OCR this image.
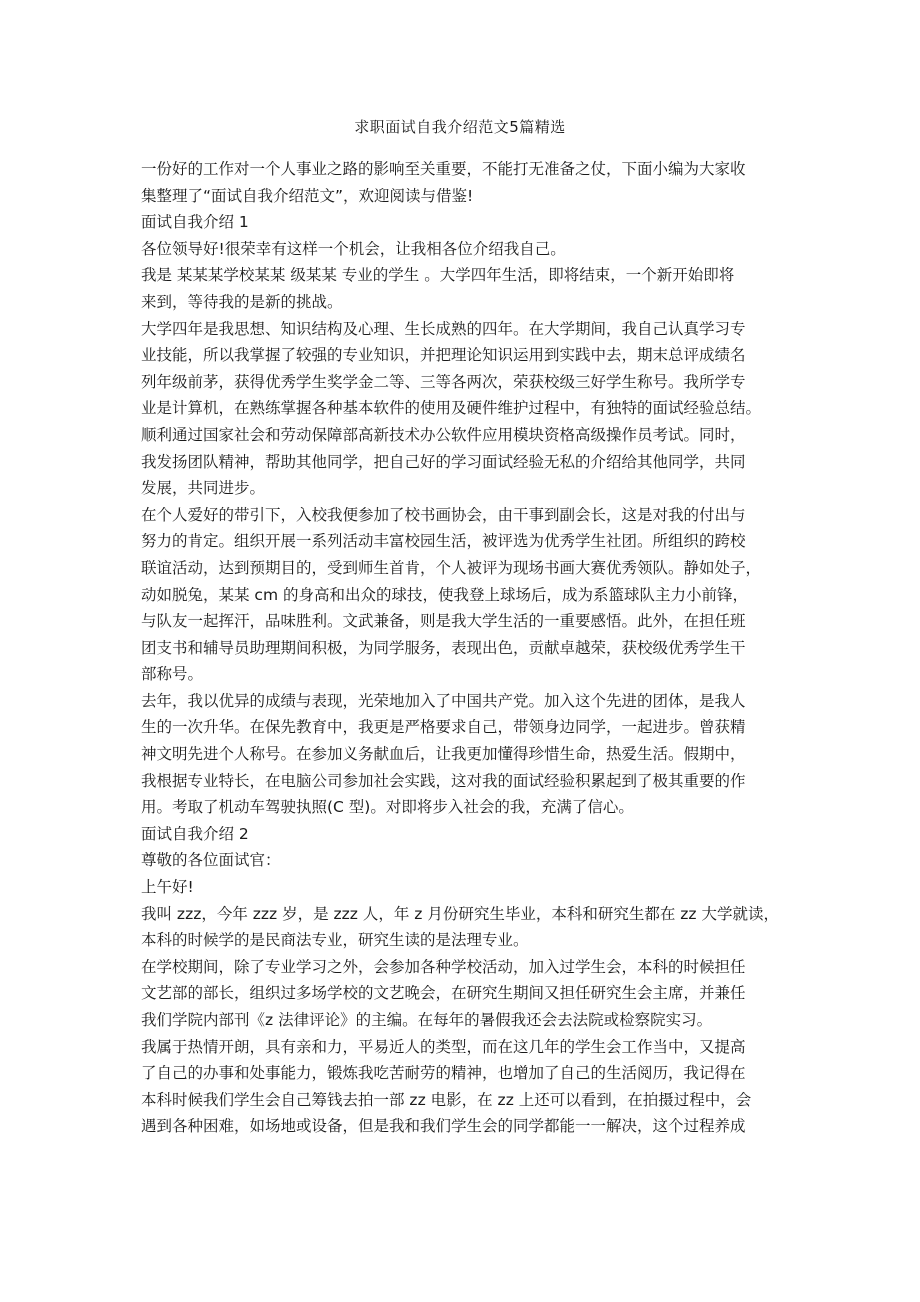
求职面试自我介绍范文5篇精选
一份好的工作对一个人事业之路的影响至关重要，不能打无准备之仗，下面小编为大家收
集整理了“面试自我介绍范文”，欢迎阅读与借鉴!
面试自我介绍 1
各位领导好!很荣幸有这样一个机会，让我相各位介绍我自己。
我是 某某某学校某某 级某某 专业的学生 。大学四年生活，即将结束，一个新开始即将
来到，等待我的是新的挑战。
大学四年是我思想、知识结构及心理、生长成熟的四年。在大学期间，我自己认真学习专
业技能，所以我掌握了较强的专业知识，并把理论知识运用到实践中去，期末总评成绩名
列年级前茅，获得优秀学生奖学金二等、三等各两次，荣获校级三好学生称号。我所学专
业是计算机，在熟练掌握各种基本软件的使用及硬件维护过程中，有独特的面试经验总结。
顺利通过国家社会和劳动保障部高新技术办公软件应用模块资格高级操作员考试。同时，
我发扬团队精神，帮助其他同学，把自己好的学习面试经验无私的介绍给其他同学，共同
发展，共同进步。
在个人爱好的带引下，入校我便参加了校书画协会，由干事到副会长，这是对我的付出与
努力的肯定。组织开展一系列活动丰富校园生活，被评选为优秀学生社团。所组织的跨校
联谊活动，达到预期目的，受到师生首肯，个人被评为现场书画大赛优秀领队。静如处子，
动如脱兔，某某 cm 的身高和出众的球技，使我登上球场后，成为系篮球队主力小前锋，
与队友一起挥汗，品味胜利。文武兼备，则是我大学生活的一重要感悟。此外，在担任班
团支书和辅导员助理期间积极，为同学服务，表现出色，贡献卓越荣，获校级优秀学生干
部称号。
去年，我以优异的成绩与表现，光荣地加入了中国共产党。加入这个先进的团体，是我人
生的一次升华。在保先教育中，我更是严格要求自己，带领身边同学，一起进步。曾获精
神文明先进个人称号。在参加义务献血后，让我更加懂得珍惜生命，热爱生活。假期中，
我根据专业特长，在电脑公司参加社会实践，这对我的面试经验积累起到了极其重要的作
用。考取了机动车驾驶执照(C 型)。对即将步入社会的我，充满了信心。
面试自我介绍 2
尊敬的各位面试官：
上午好!
我叫 zzz，今年 zzz 岁，是 zzz 人，年 z 月份研究生毕业，本科和研究生都在 zz 大学就读，
本科的时候学的是民商法专业，研究生读的是法理专业。
在学校期间，除了专业学习之外，会参加各种学校活动，加入过学生会，本科的时候担任
文艺部的部长，组织过多场学校的文艺晚会，在研究生期间又担任研究生会主席，并兼任
我们学院内部刊《z 法律评论》的主编。在每年的暑假我还会去法院或检察院实习。
我属于热情开朗，具有亲和力，平易近人的类型，而在这几年的学生会工作当中，又提高
了自己的办事和处事能力，锻炼我吃苦耐劳的精神，也增加了自己的生活阅历，我记得在
本科时候我们学生会自己筹钱去拍一部 zz 电影，在 zz 上还可以看到，在拍摄过程中，会
遇到各种困难，如场地或设备，但是我和我们学生会的同学都能一一解决，这个过程养成
